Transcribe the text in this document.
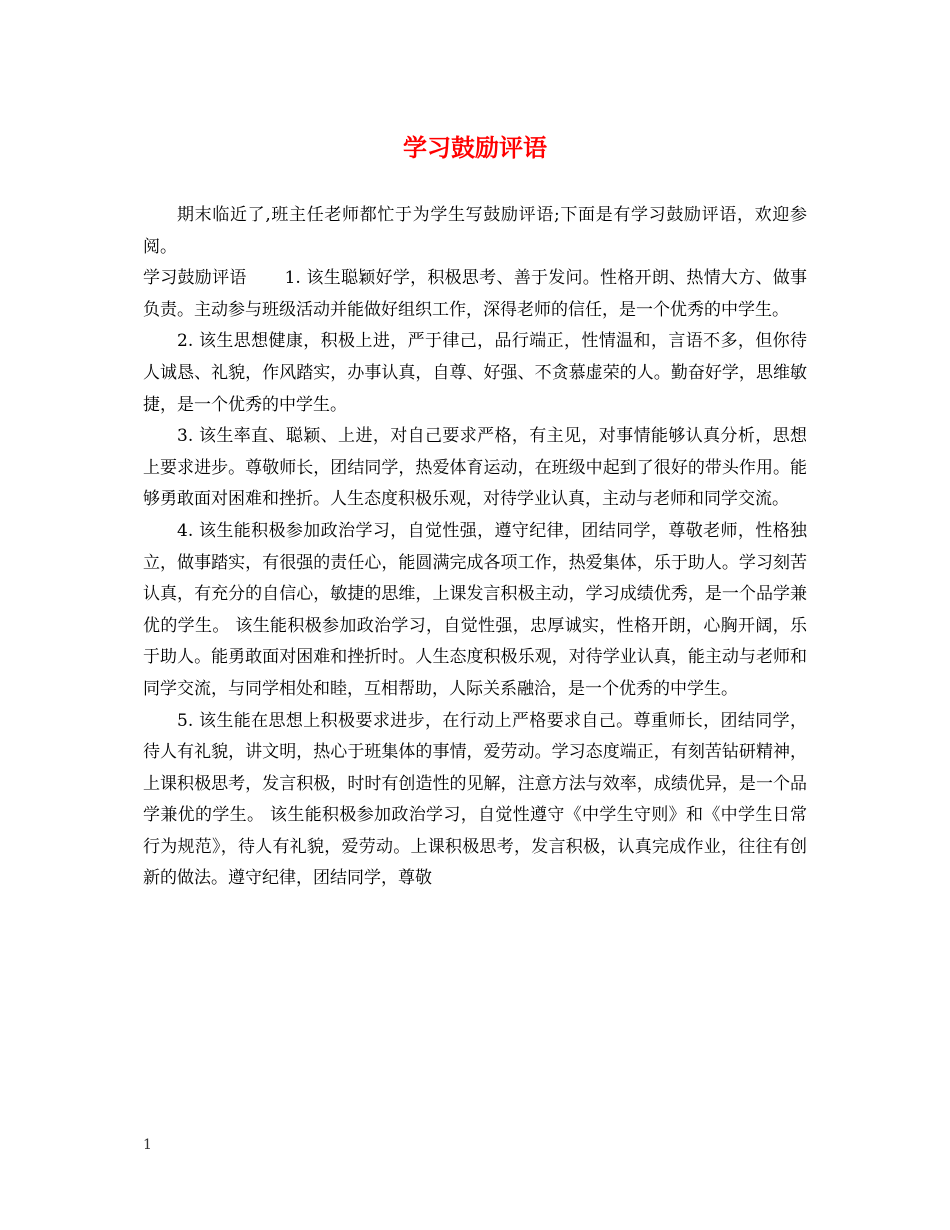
学习鼓励评语

期末临近了,班主任老师都忙于为学生写鼓励评语;下面是有学习鼓励评语，欢迎参阅。

学习鼓励评语 1. 该生聪颖好学，积极思考、善于发问。性格开朗、热情大方、做事负责。主动参与班级活动并能做好组织工作，深得老师的信任，是一个优秀的中学生。

2. 该生思想健康，积极上进，严于律己，品行端正，性情温和，言语不多，但你待人诚恳、礼貌，作风踏实，办事认真，自尊、好强、不贪慕虚荣的人。勤奋好学，思维敏捷，是一个优秀的中学生。

3. 该生率直、聪颖、上进，对自己要求严格，有主见，对事情能够认真分析，思想上要求进步。尊敬师长，团结同学，热爱体育运动，在班级中起到了很好的带头作用。能够勇敢面对困难和挫折。人生态度积极乐观，对待学业认真，主动与老师和同学交流。

4. 该生能积极参加政治学习，自觉性强，遵守纪律，团结同学，尊敬老师，性格独立，做事踏实，有很强的责任心，能圆满完成各项工作，热爱集体，乐于助人。学习刻苦认真，有充分的自信心，敏捷的思维，上课发言积极主动，学习成绩优秀，是一个品学兼优的学生。 该生能积极参加政治学习，自觉性强，忠厚诚实，性格开朗，心胸开阔，乐于助人。能勇敢面对困难和挫折时。人生态度积极乐观，对待学业认真，能主动与老师和同学交流，与同学相处和睦，互相帮助，人际关系融洽，是一个优秀的中学生。

5. 该生能在思想上积极要求进步，在行动上严格要求自己。尊重师长，团结同学，待人有礼貌，讲文明，热心于班集体的事情，爱劳动。学习态度端正，有刻苦钻研精神，上课积极思考，发言积极，时时有创造性的见解，注意方法与效率，成绩优异，是一个品学兼优的学生。 该生能积极参加政治学习，自觉性遵守《中学生守则》和《中学生日常行为规范》，待人有礼貌，爱劳动。上课积极思考，发言积极，认真完成作业，往往有创新的做法。遵守纪律，团结同学，尊敬

1
